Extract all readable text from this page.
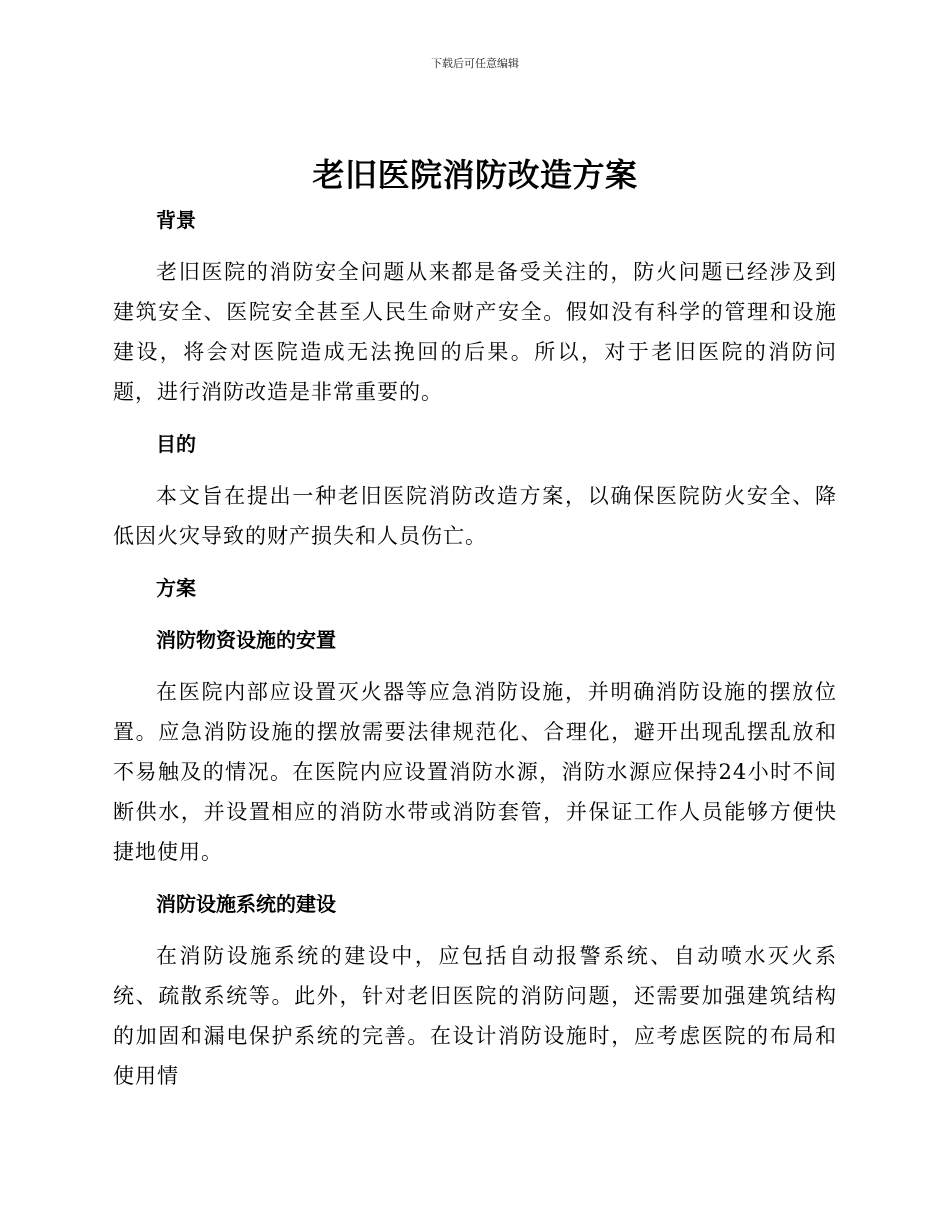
下载后可任意编辑
老旧医院消防改造方案
背景

老旧医院的消防安全问题从来都是备受关注的，防火问题已经涉及到建筑安全、医院安全甚至人民生命财产安全。假如没有科学的管理和设施建设，将会对医院造成无法挽回的后果。所以，对于老旧医院的消防问题，进行消防改造是非常重要的。

目的

本文旨在提出一种老旧医院消防改造方案，以确保医院防火安全、降低因火灾导致的财产损失和人员伤亡。

方案
消防物资设施的安置

在医院内部应设置灭火器等应急消防设施，并明确消防设施的摆放位置。应急消防设施的摆放需要法律规范化、合理化，避开出现乱摆乱放和不易触及的情况。在医院内应设置消防水源，消防水源应保持24小时不间断供水，并设置相应的消防水带或消防套管，并保证工作人员能够方便快捷地使用。

消防设施系统的建设

在消防设施系统的建设中，应包括自动报警系统、自动喷水灭火系统、疏散系统等。此外，针对老旧医院的消防问题，还需要加强建筑结构的加固和漏电保护系统的完善。在设计消防设施时，应考虑医院的布局和使用情
